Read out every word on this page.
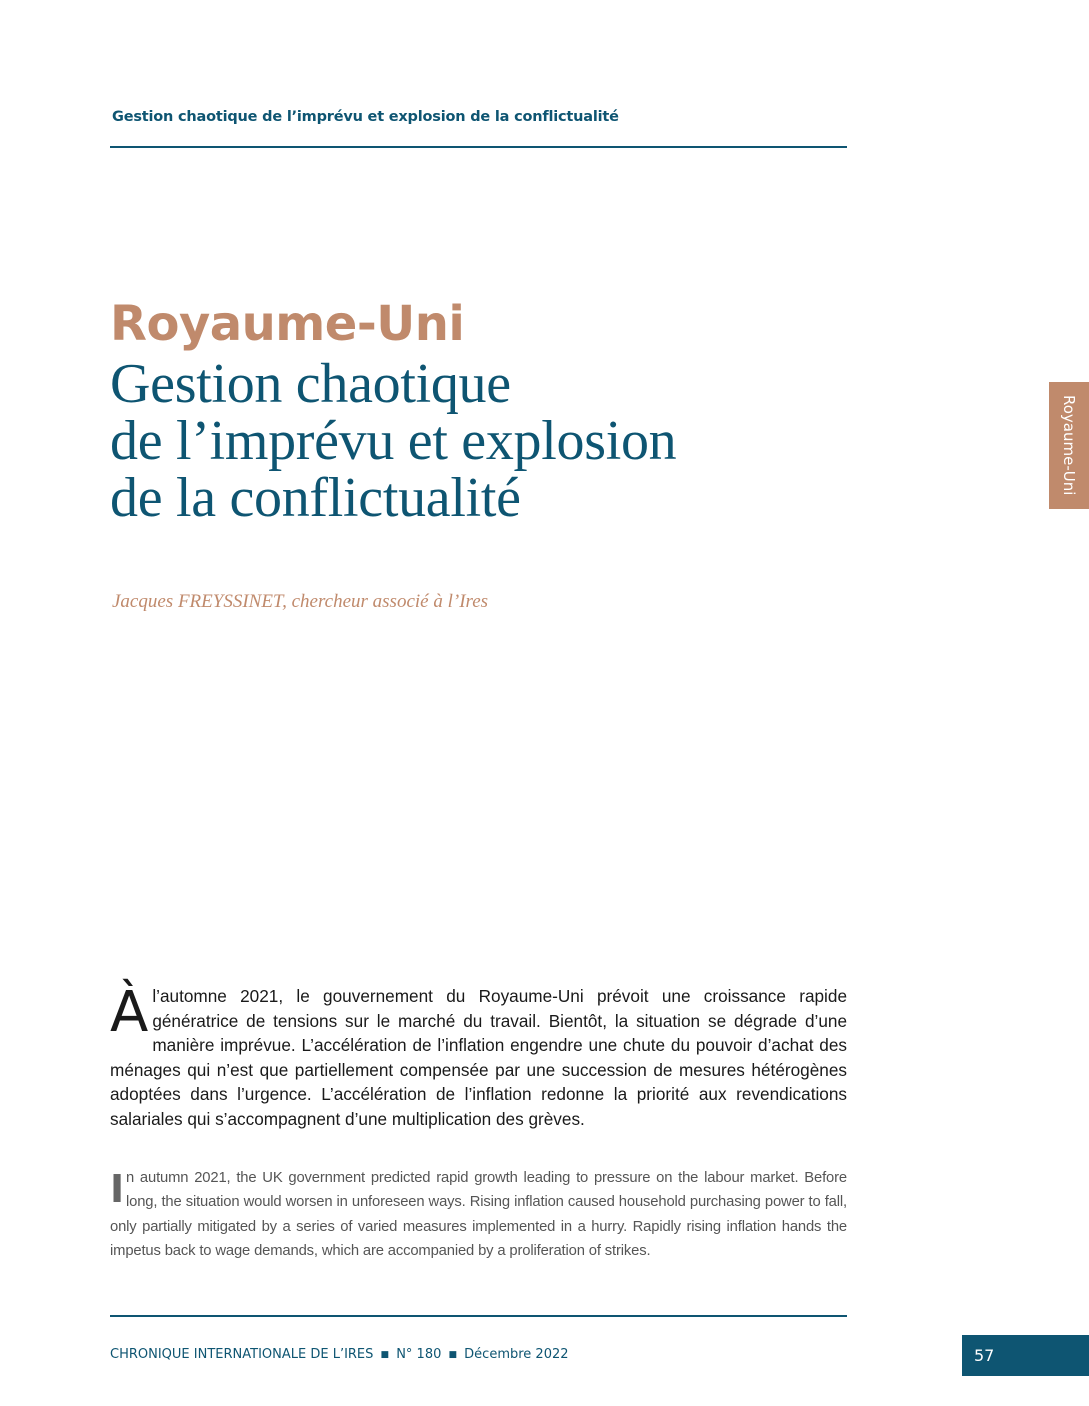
Gestion chaotique de l’imprévu et explosion de la conflictualité
Royaume-Uni
Gestion chaotique
de l’imprévu et explosion
de la conflictualité
Jacques FREYSSINET, chercheur associé à l’Ires
Royaume-Uni
À l’automne 2021, le gouvernement du Royaume-Uni prévoit une croissance rapide génératrice de tensions sur le marché du travail. Bientôt, la situation se dégrade d’une manière imprévue. L’accélération de l’inflation engendre une chute du pouvoir d’achat des ménages qui n’est que partiellement compensée par une succession de mesures hétérogènes adoptées dans l’urgence. L’accélération de l’inflation redonne la priorité aux revendications salariales qui s’accompagnent d’une multiplication des grèves.
In autumn 2021, the UK government predicted rapid growth leading to pressure on the labour market. Before long, the situation would worsen in unforeseen ways. Rising inflation caused household purchasing power to fall, only partially mitigated by a series of varied measures implemented in a hurry. Rapidly rising inflation hands the impetus back to wage demands, which are accompanied by a proliferation of strikes.
CHRONIQUE INTERNATIONALE DE L’IRES ■ N° 180 ■ Décembre 2022	57
